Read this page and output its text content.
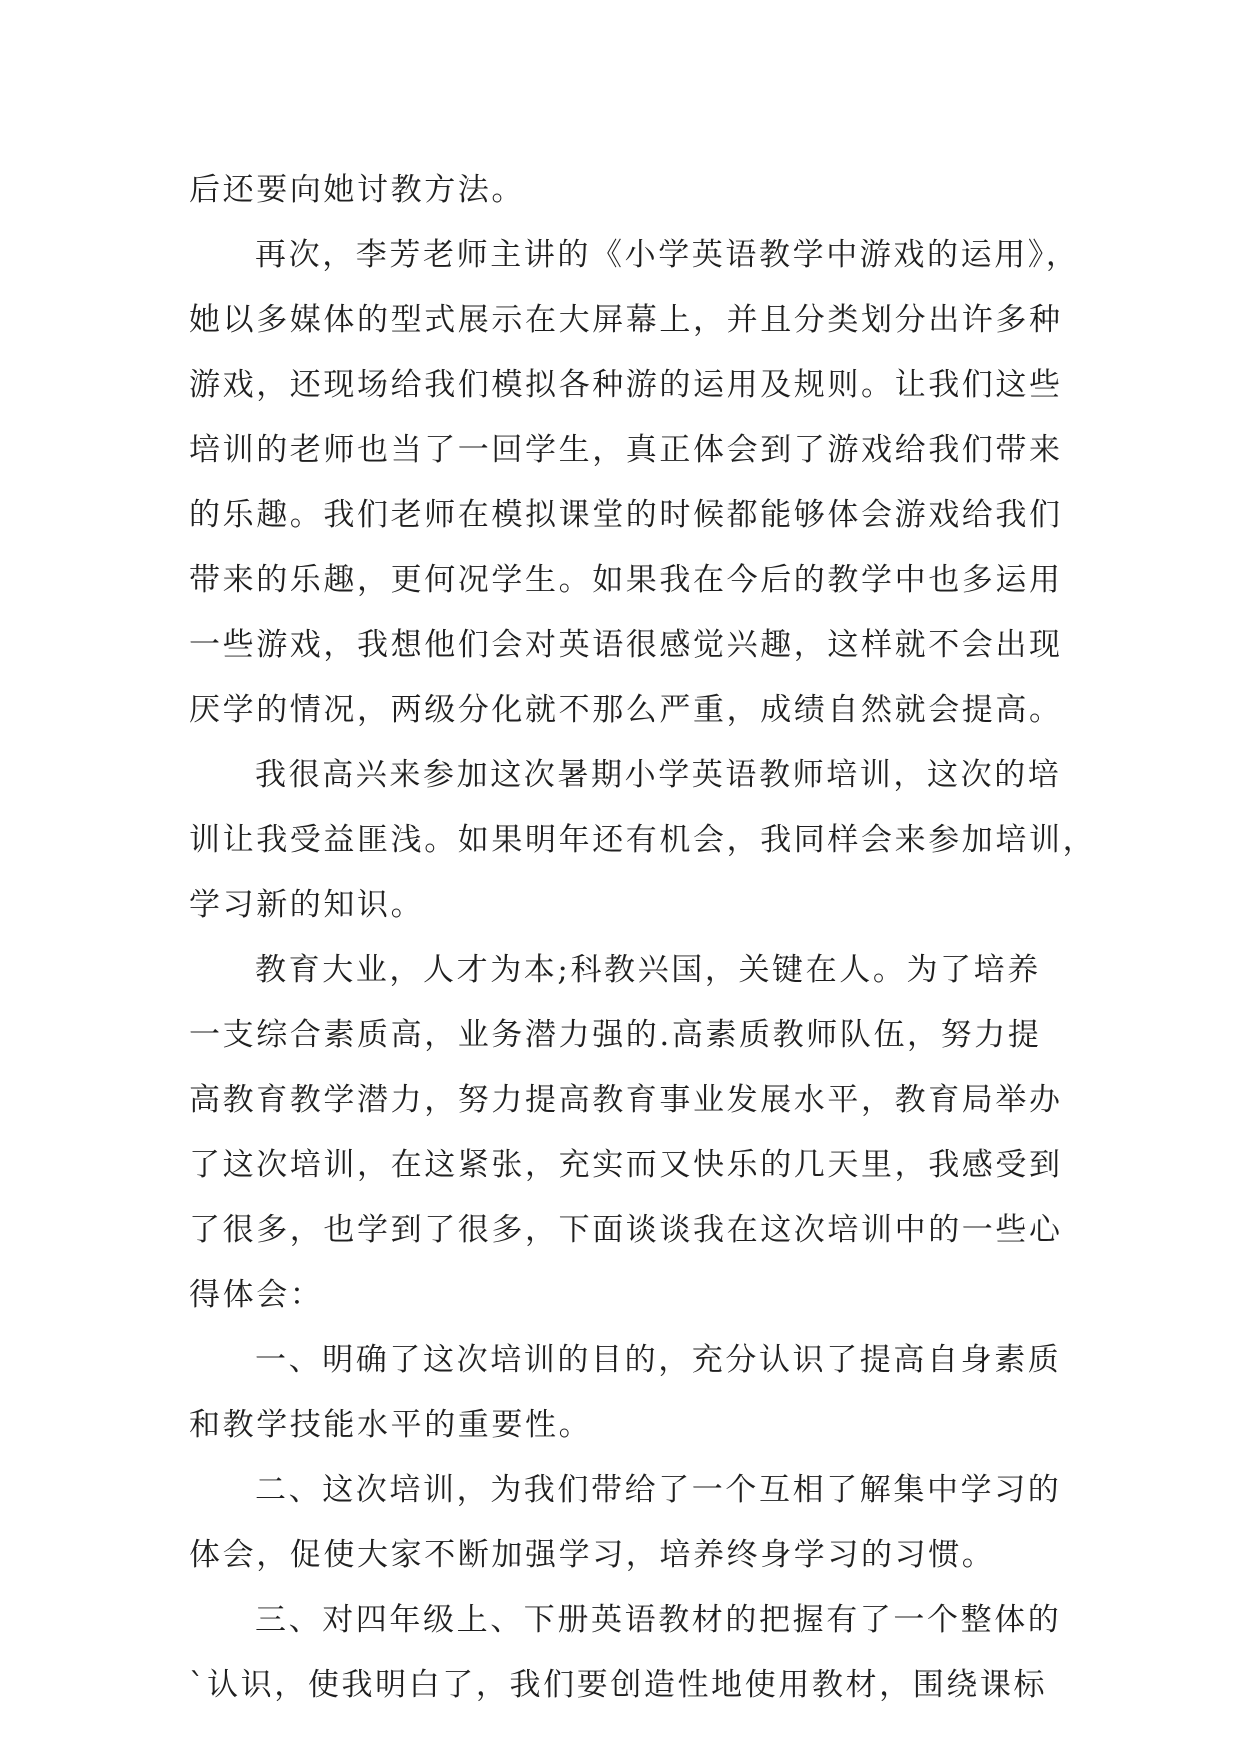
后还要向她讨教方法。
再次，李芳老师主讲的《小学英语教学中游戏的运用》，
她以多媒体的型式展示在大屏幕上，并且分类划分出许多种
游戏，还现场给我们模拟各种游的运用及规则。让我们这些
培训的老师也当了一回学生，真正体会到了游戏给我们带来
的乐趣。我们老师在模拟课堂的时候都能够体会游戏给我们
带来的乐趣，更何况学生。如果我在今后的教学中也多运用
一些游戏，我想他们会对英语很感觉兴趣，这样就不会出现
厌学的情况，两级分化就不那么严重，成绩自然就会提高。
我很高兴来参加这次暑期小学英语教师培训，这次的培
训让我受益匪浅。如果明年还有机会，我同样会来参加培训，
学习新的知识。
教育大业，人才为本;科教兴国，关键在人。为了培养
一支综合素质高，业务潜力强的.高素质教师队伍，努力提
高教育教学潜力，努力提高教育事业发展水平，教育局举办
了这次培训，在这紧张，充实而又快乐的几天里，我感受到
了很多，也学到了很多，下面谈谈我在这次培训中的一些心
得体会：
一、明确了这次培训的目的，充分认识了提高自身素质
和教学技能水平的重要性。
二、这次培训，为我们带给了一个互相了解集中学习的
体会，促使大家不断加强学习，培养终身学习的习惯。
三、对四年级上、下册英语教材的把握有了一个整体的
`认识，使我明白了，我们要创造性地使用教材，围绕课标
